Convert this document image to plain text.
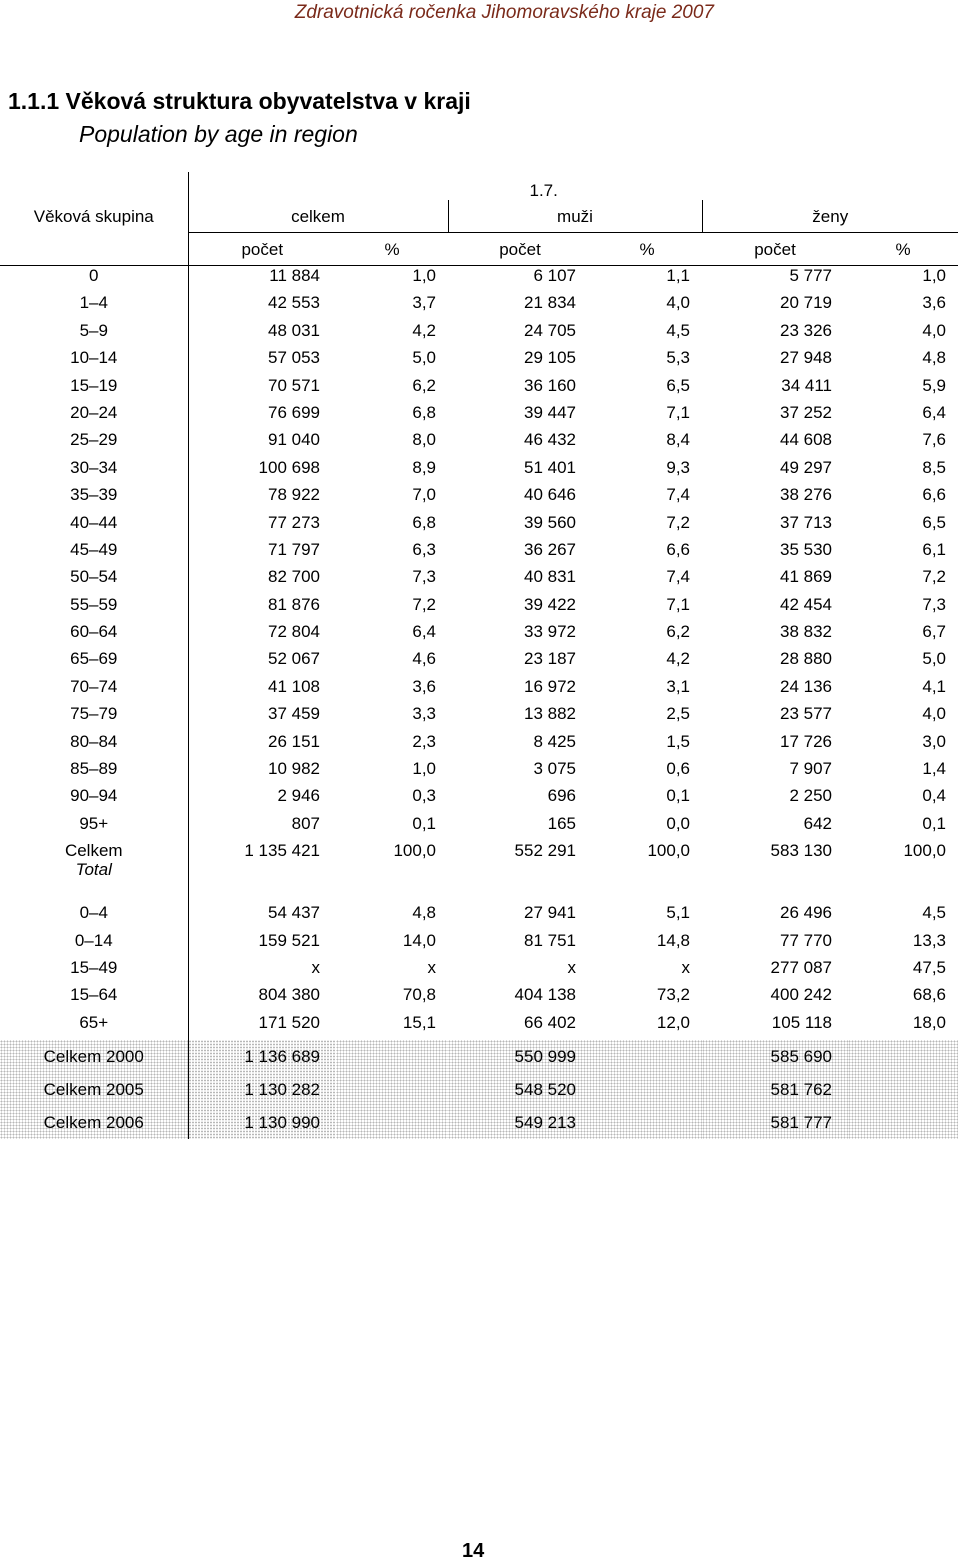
Zdravotnická ročenka Jihomoravského kraje 2007
1.1.1 Věková struktura obyvatelstva v kraji
Population by age in region
	1.7.					
Věková skupina	celkem		muži		ženy	
	počet	%	počet	%	počet	%
0	11 884	1,0	6 107	1,1	5 777	1,0
1–4	42 553	3,7	21 834	4,0	20 719	3,6
5–9	48 031	4,2	24 705	4,5	23 326	4,0
10–14	57 053	5,0	29 105	5,3	27 948	4,8
15–19	70 571	6,2	36 160	6,5	34 411	5,9
20–24	76 699	6,8	39 447	7,1	37 252	6,4
25–29	91 040	8,0	46 432	8,4	44 608	7,6
30–34	100 698	8,9	51 401	9,3	49 297	8,5
35–39	78 922	7,0	40 646	7,4	38 276	6,6
40–44	77 273	6,8	39 560	7,2	37 713	6,5
45–49	71 797	6,3	36 267	6,6	35 530	6,1
50–54	82 700	7,3	40 831	7,4	41 869	7,2
55–59	81 876	7,2	39 422	7,1	42 454	7,3
60–64	72 804	6,4	33 972	6,2	38 832	6,7
65–69	52 067	4,6	23 187	4,2	28 880	5,0
70–74	41 108	3,6	16 972	3,1	24 136	4,1
75–79	37 459	3,3	13 882	2,5	23 577	4,0
80–84	26 151	2,3	8 425	1,5	17 726	3,0
85–89	10 982	1,0	3 075	0,6	7 907	1,4
90–94	2 946	0,3	696	0,1	2 250	0,4
95+	807	0,1	165	0,0	642	0,1

Celkem
Total	1 135 421	100,0	552 291	100,0	583 130	100,0
0–4	54 437	4,8	27 941	5,1	26 496	4,5
0–14	159 521	14,0	81 751	14,8	77 770	13,3
15–49	x	x	x	x	277 087	47,5
15–64	804 380	70,8	404 138	73,2	400 242	68,6
65+	171 520	15,1	66 402	12,0	105 118	18,0
Celkem 2000	1 136 689		550 999		585 690	
Celkem 2005	1 130 282		548 520		581 762	
Celkem 2006	1 130 990		549 213		581 777	
14
